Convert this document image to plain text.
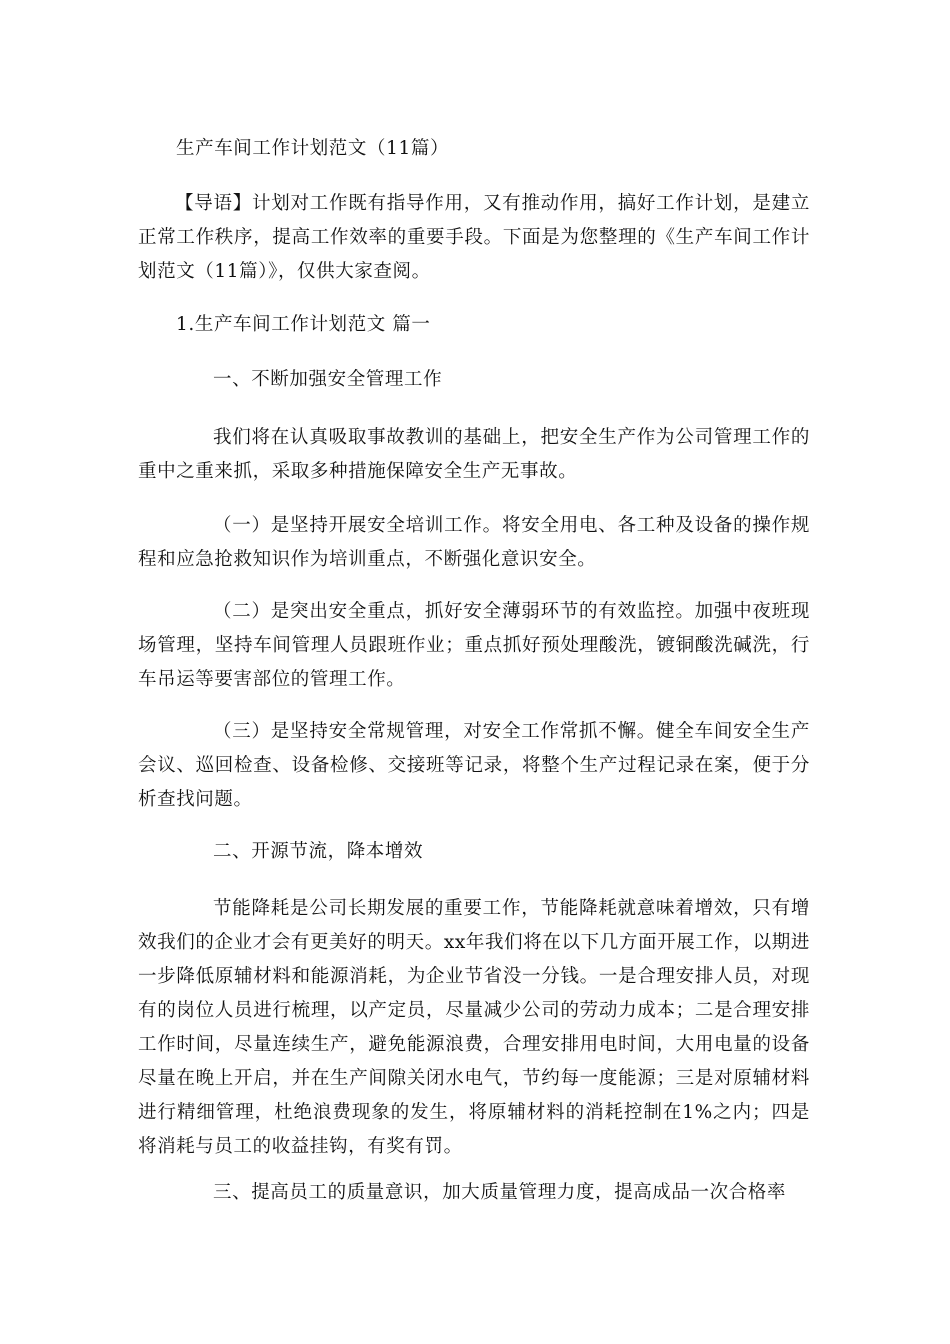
生产车间工作计划范文（11篇）
【导语】计划对工作既有指导作用，又有推动作用，搞好工作计划，是建立正常工作秩序，提高工作效率的重要手段。下面是为您整理的《生产车间工作计划范文（11篇）》，仅供大家查阅。
1.生产车间工作计划范文 篇一
一、不断加强安全管理工作
我们将在认真吸取事故教训的基础上，把安全生产作为公司管理工作的重中之重来抓，采取多种措施保障安全生产无事故。
（一）是坚持开展安全培训工作。将安全用电、各工种及设备的操作规程和应急抢救知识作为培训重点，不断强化意识安全。
（二）是突出安全重点，抓好安全薄弱环节的有效监控。加强中夜班现场管理，坚持车间管理人员跟班作业；重点抓好预处理酸洗，镀铜酸洗碱洗，行车吊运等要害部位的管理工作。
（三）是坚持安全常规管理，对安全工作常抓不懈。健全车间安全生产会议、巡回检查、设备检修、交接班等记录，将整个生产过程记录在案，便于分析查找问题。
二、开源节流，降本增效
节能降耗是公司长期发展的重要工作，节能降耗就意味着增效，只有增效我们的企业才会有更美好的明天。xx年我们将在以下几方面开展工作，以期进一步降低原辅材料和能源消耗，为企业节省没一分钱。一是合理安排人员，对现有的岗位人员进行梳理，以产定员，尽量减少公司的劳动力成本；二是合理安排工作时间，尽量连续生产，避免能源浪费，合理安排用电时间，大用电量的设备尽量在晚上开启，并在生产间隙关闭水电气，节约每一度能源；三是对原辅材料进行精细管理，杜绝浪费现象的发生，将原辅材料的消耗控制在1%之内；四是将消耗与员工的收益挂钩，有奖有罚。
三、提高员工的质量意识，加大质量管理力度，提高成品一次合格率
